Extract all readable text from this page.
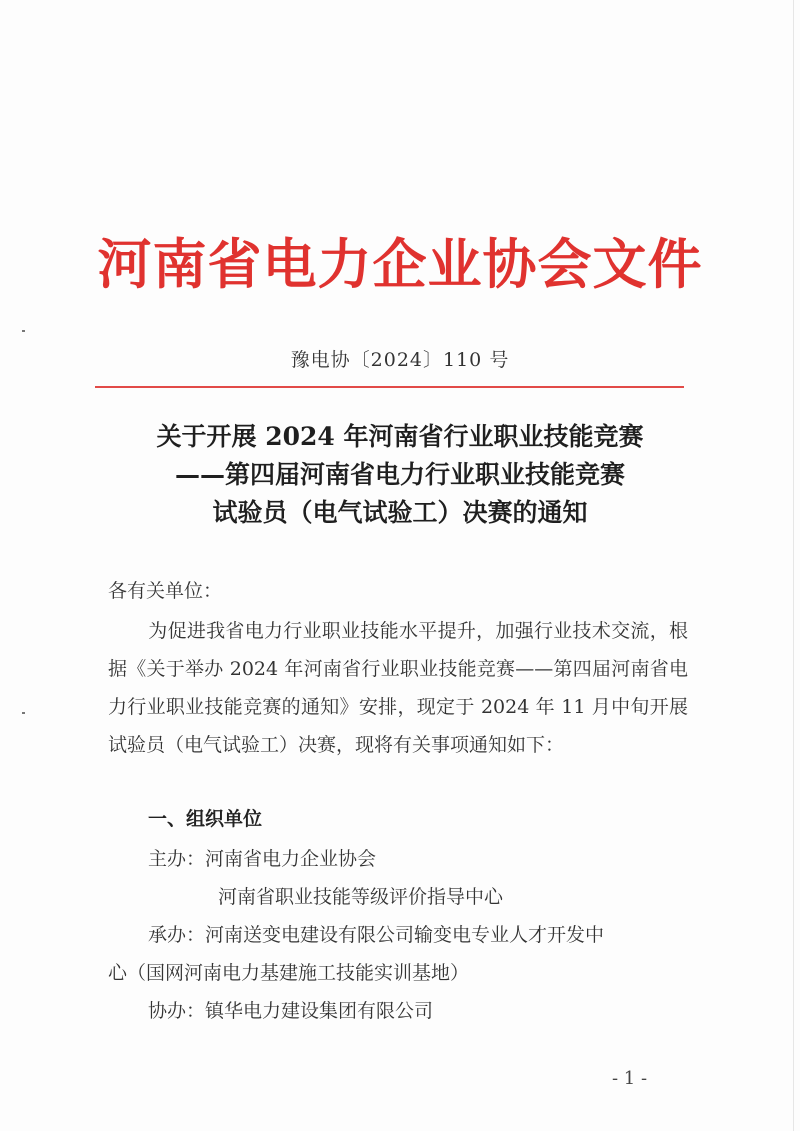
河南省电力企业协会文件
豫电协〔2024〕110 号
关于开展 2024 年河南省行业职业技能竞赛
——第四届河南省电力行业职业技能竞赛
试验员（电气试验工）决赛的通知
各有关单位：
为促进我省电力行业职业技能水平提升，加强行业技术交流，根据《关于举办 2024 年河南省行业职业技能竞赛——第四届河南省电力行业职业技能竞赛的通知》安排，现定于 2024 年 11 月中旬开展试验员（电气试验工）决赛，现将有关事项通知如下：
一、组织单位
主办：河南省电力企业协会
河南省职业技能等级评价指导中心
承办：河南送变电建设有限公司输变电专业人才开发中
心（国网河南电力基建施工技能实训基地）
协办：镇华电力建设集团有限公司
- 1 -
